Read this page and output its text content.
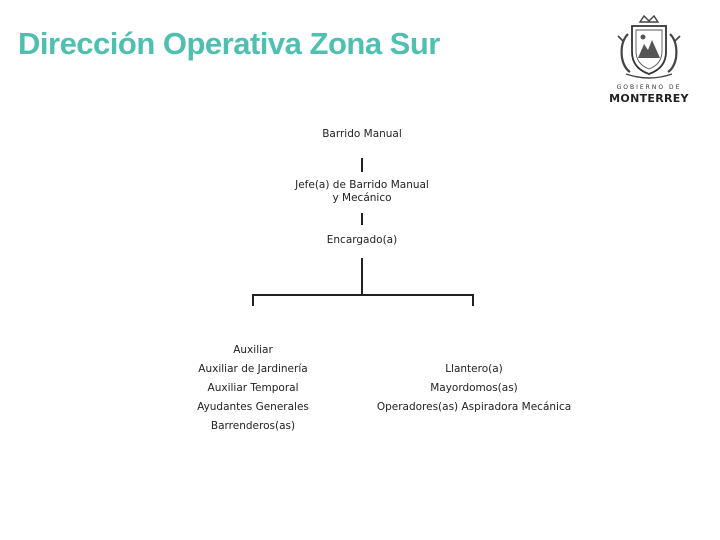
Dirección Operativa Zona Sur
GOBIERNO DE
MONTERREY
Barrido Manual
Jefe(a) de Barrido Manual
y Mecánico
Encargado(a)
Auxiliar
Auxiliar de Jardinería
Auxiliar Temporal
Ayudantes Generales
Barrenderos(as)
Llantero(a)
Mayordomos(as)
Operadores(as) Aspiradora Mecánica
